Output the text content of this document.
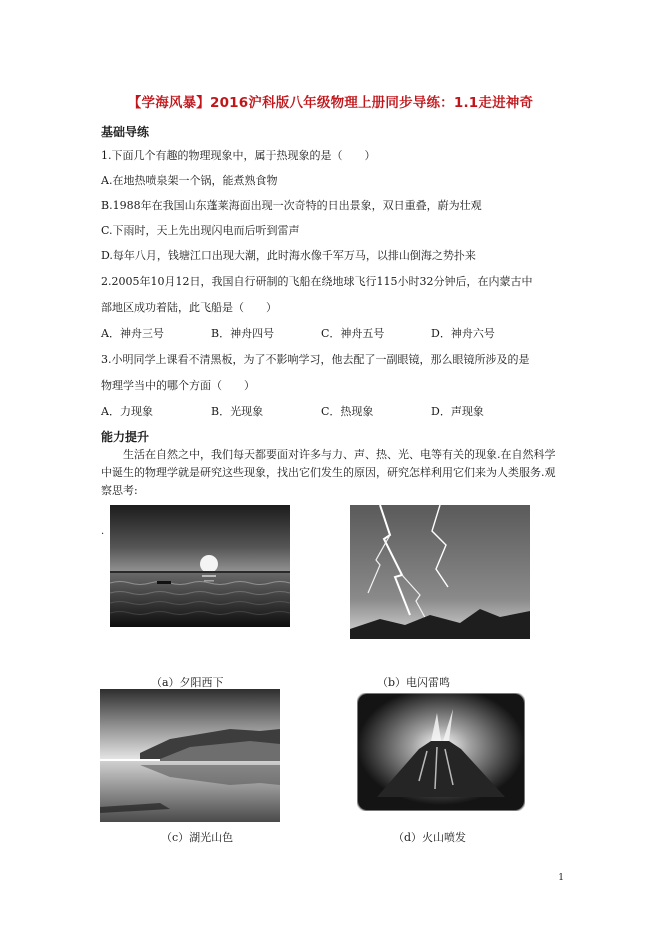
【学海风暴】2016沪科版八年级物理上册同步导练：1.1走进神奇
基础导练
1.下面几个有趣的物理现象中，属于热现象的是（　　）
A.在地热喷泉架一个锅，能煮熟食物
B.1988年在我国山东蓬莱海面出现一次奇特的日出景象，双日重叠，蔚为壮观
C.下雨时，天上先出现闪电而后听到雷声
D.每年八月，钱塘江口出现大潮，此时海水像千军万马，以排山倒海之势扑来
2.2005年10月12日，我国自行研制的飞船在绕地球飞行115小时32分钟后，在内蒙古中
部地区成功着陆，此飞船是（　　）
A．神舟三号	B．神舟四号	C．神舟五号	D．神舟六号
3.小明同学上课看不清黑板，为了不影响学习，他去配了一副眼镜，那么眼镜所涉及的是
物理学当中的哪个方面（　　）
A．力现象	B．光现象	C．热现象	D．声现象
能力提升
生活在自然之中，我们每天都要面对许多与力、声、热、光、电等有关的现象.在自然科学中诞生的物理学就是研究这些现象，找出它们发生的原因，研究怎样利用它们来为人类服务.观察思考:
.
（a）夕阳西下	（b）电闪雷鸣
（c）湖光山色	（d）火山喷发
1
